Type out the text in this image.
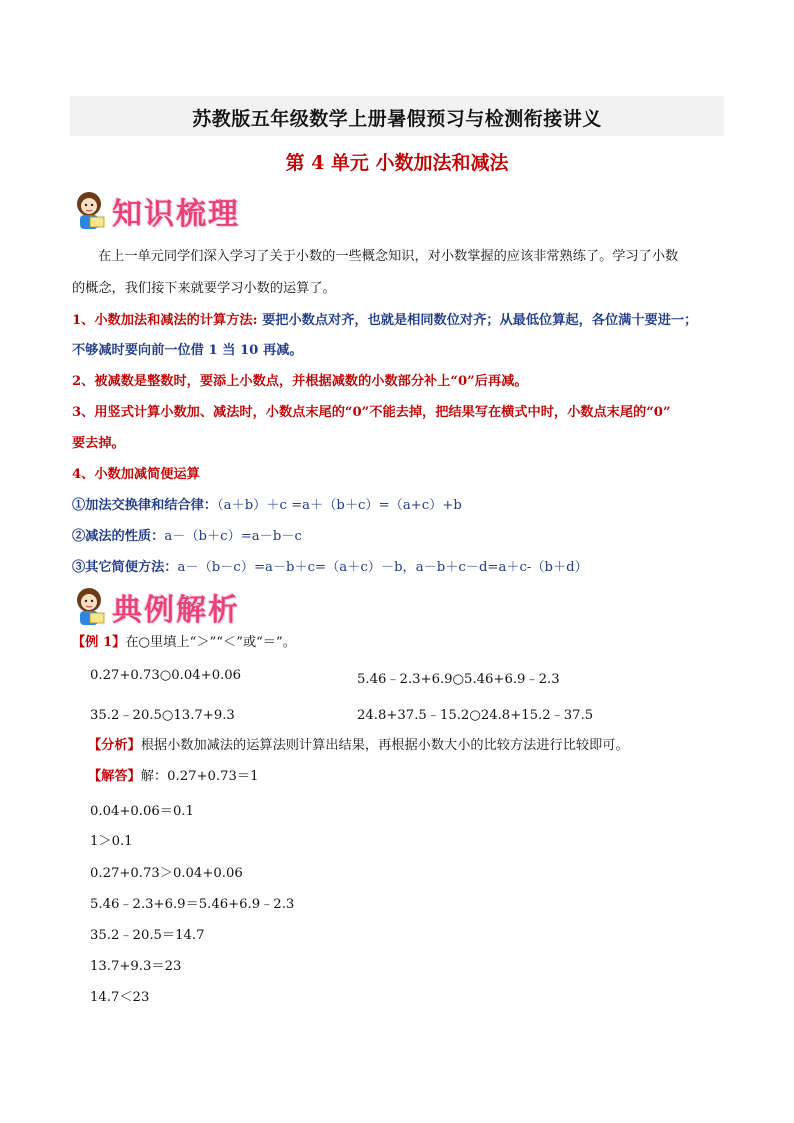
苏教版五年级数学上册暑假预习与检测衔接讲义
第 4 单元 小数加法和减法
知识梳理
在上一单元同学们深入学习了关于小数的一些概念知识，对小数掌握的应该非常熟练了。学习了小数
的概念，我们接下来就要学习小数的运算了。
1、小数加法和减法的计算方法: 要把小数点对齐，也就是相同数位对齐；从最低位算起，各位满十要进一；
不够减时要向前一位借 1 当 10 再减。
2、被减数是整数时，要添上小数点，并根据减数的小数部分补上“0”后再减。
3、用竖式计算小数加、减法时，小数点末尾的“0”不能去掉，把结果写在横式中时，小数点末尾的“0”
要去掉。
4、小数加减简便运算
①加法交换律和结合律：（a＋b）＋c =a＋（b＋c）=（a+c）+b
②减法的性质：a－（b＋c）=a－b－c
③其它简便方法：a－（b－c）=a－b＋c=（a＋c）－b，a－b＋c－d=a＋c-（b＋d）
典例解析
【例 1】在○里填上“＞”“＜”或“＝”。
0.27+0.73○0.04+0.06	5.46﹣2.3+6.9○5.46+6.9﹣2.3
35.2﹣20.5○13.7+9.3	24.8+37.5﹣15.2○24.8+15.2﹣37.5
【分析】根据小数加减法的运算法则计算出结果，再根据小数大小的比较方法进行比较即可。
【解答】解：0.27+0.73＝1
0.04+0.06＝0.1
1＞0.1
0.27+0.73＞0.04+0.06
5.46﹣2.3+6.9＝5.46+6.9﹣2.3
35.2﹣20.5＝14.7
13.7+9.3＝23
14.7＜23
